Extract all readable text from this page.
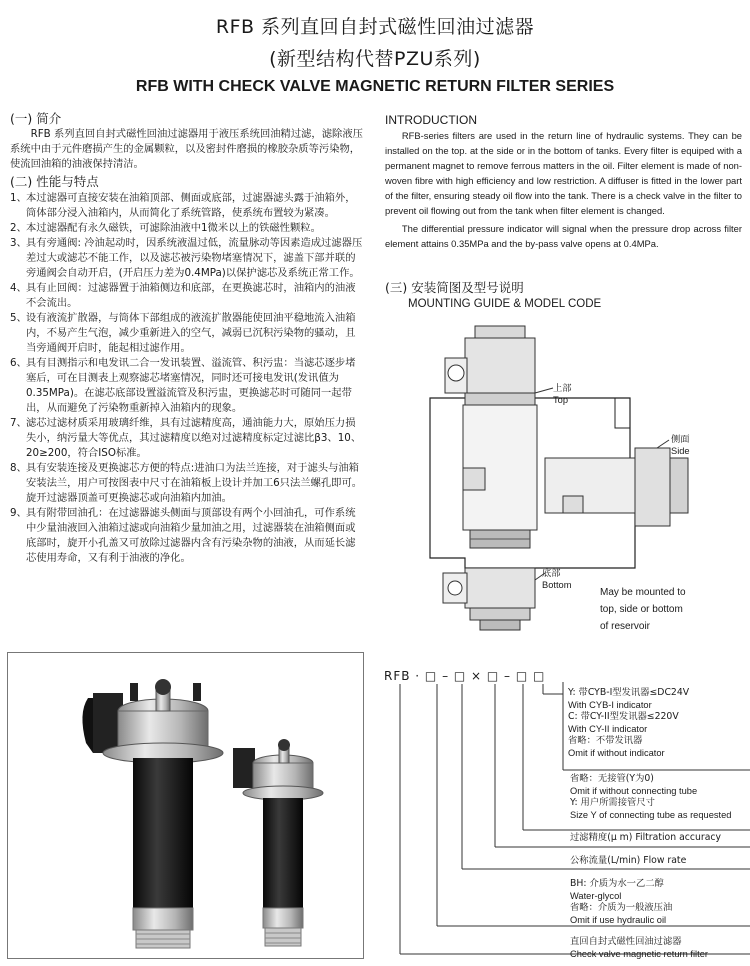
RFB 系列直回自封式磁性回油过滤器
(新型结构代替PZU系列)
RFB WITH CHECK VALVE MAGNETIC RETURN FILTER SERIES
(一) 简介

RFB 系列直回自封式磁性回油过滤器用于液压系统回油精过滤，滤除液压系统中由于元件磨损产生的金属颗粒，以及密封件磨损的橡胶杂质等污染物，使流回油箱的油液保持清洁。

(二) 性能与特点

1、 本过滤器可直接安装在油箱顶部、侧面或底部，过滤器滤头露于油箱外，筒体部分浸入油箱内，从而简化了系统管路，使系统布置较为紧凑。

2、 本过滤器配有永久磁铁，可滤除油液中1微米以上的铁磁性颗粒。

3、 具有旁通阀: 冷油起动时，因系统液温过低，流量脉动等因素造成过滤器压差过大或滤芯不能工作，以及滤芯被污染物堵塞情况下，滤盖下部并联的旁通阀会自动开启，(开启压力差为0.4MPa)以保护滤芯及系统正常工作。

4、 具有止回阀：过滤器置于油箱侧边和底部，在更换滤芯时，油箱内的油液不会流出。

5、 设有液流扩散器，与筒体下部组成的液流扩散器能使回油平稳地流入油箱内，不易产生气泡，减少重新进入的空气，减弱已沉积污染物的骚动，且当旁通阀开启时，能起相过滤作用。

6、 具有目测指示和电发讯二合一发讯装置、溢流管、积污盅：当滤芯逐步堵塞后，可在目测表上观察滤芯堵塞情况，同时还可接电发讯(发讯值为0.35MPa)。在滤芯底部设置溢流管及积污盅，更换滤芯时可随同一起带出，从而避免了污染物重新掉入油箱内的现象。

7、 滤芯过滤材质采用玻璃纤维，具有过滤精度高，通油能力大，原始压力损失小，纳污量大等优点，其过滤精度以绝对过滤精度标定过滤比β3、10、20≥200，符合ISO标准。

8、 具有安装连接及更换滤芯方便的特点:进油口为法兰连接，对于滤头与油箱安装法兰，用户可按图表中尺寸在油箱板上设计并加工6只法兰螺孔即可。旋开过滤器顶盖可更换滤芯或向油箱内加油。

9、 具有附带回油孔：在过滤器滤头侧面与顶部设有两个小回油孔，可作系统中少量油液回入油箱过滤或向油箱少量加油之用，过滤器装在油箱侧面或底部时，旋开小孔盖又可放除过滤器内含有污染杂物的油液，从而延长滤芯使用寿命，又有利于油液的净化。

INTRODUCTION

RFB-series filters are used in the return line of hydraulic systems. They can be installed on the top. at the side or in the bottom of tanks. Every filter is equiped with a permanent magnet to remove ferrous matters in the oil. Filter element is made of non-woven fibre with high efficiency and low restriction. A diffuser is fitted in the lower part of the filter, ensuring steady oil flow into the tank. There is a check valve in the filter to prevent oil flowing out from the tank when filter element is changed.

The differential pressure indicator will signal when the pressure drop across filter element attains 0.35MPa and the by-pass valve opens at 0.4MPa.

(三) 安装简图及型号说明
MOUNTING GUIDE & MODEL CODE
上部
Top
侧面
Side
底部
Bottom
May be mounted to
top, side or bottom
of reservoir
RFB · □ – □ × □ – □ □
Y: 带CYB-I型发讯器≤DC24V
With CYB-I indicator
C: 带CY-II型发讯器≤220V
With CY-II indicator
省略：不带发讯器
Omit if without indicator
省略：无接管(Y为0)
Omit if without connecting tube
Y: 用户所需接管尺寸
Size Y of connecting tube as requested
过滤精度(μ m) Filtration accuracy
公称流量(L/min) Flow rate
BH: 介质为水一乙二醇
Water-glycol
省略：介质为一般液压油
Omit if use hydraulic oil
直回自封式磁性回油过滤器
Check valve magnetic return filter
